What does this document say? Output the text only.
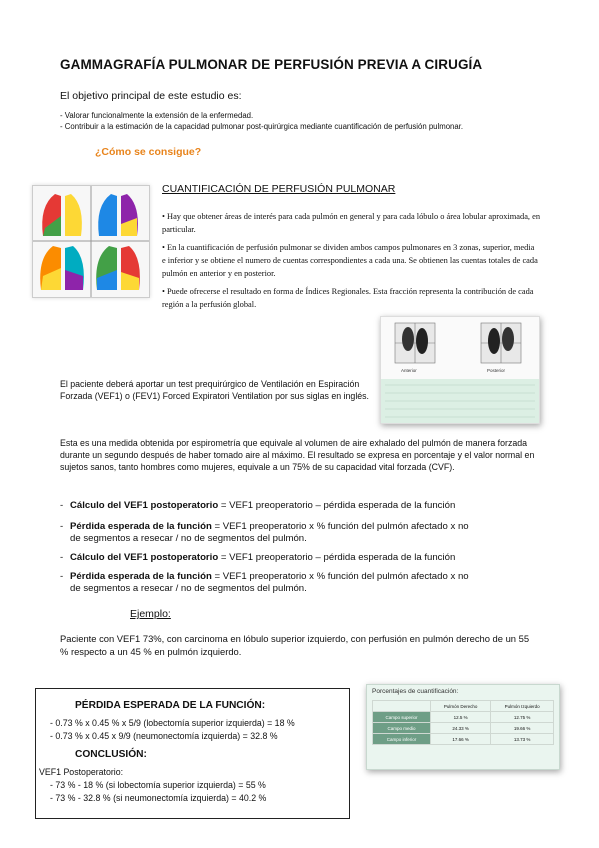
GAMMAGRAFÍA PULMONAR DE PERFUSIÓN PREVIA A CIRUGÍA
El objetivo principal de este estudio es:
- Valorar funcionalmente la extensión de la enfermedad.
- Contribuir a la estimación de la capacidad pulmonar post-quirúrgica mediante cuantificación de perfusión pulmonar.
¿Cómo se consigue?
CUANTIFICACIÓN DE PERFUSIÓN PULMONAR
• Hay que obtener áreas de interés para cada pulmón en general y para cada lóbulo o área lobular aproximada, en particular.
• En la cuantificación de perfusión pulmonar se dividen ambos campos pulmonares en 3 zonas, superior, media e inferior y se obtiene el numero de cuentas correspondientes a cada una. Se obtienen las cuentas totales de cada pulmón en anterior y en posterior.
• Puede ofrecerse el resultado en forma de Índices Regionales. Esta fracción representa la contribución de cada región a la perfusión global.
Anterior	Posterior
El paciente deberá aportar un test prequirúrgico de Ventilación en Espiración Forzada (VEF1) o (FEV1) Forced Expiratori Ventilation por sus siglas en inglés.
Esta es una medida obtenida por espirometría que equivale al volumen de aire exhalado del pulmón de manera forzada durante un segundo después de haber tomado aire al máximo. El resultado se expresa en porcentaje y el valor normal en sujetos sanos, tanto hombres como mujeres, equivale a un 75% de su capacidad vital forzada (CVF).
- Cálculo del VEF1 postoperatorio = VEF1 preoperatorio – pérdida esperada de la función
- Pérdida esperada de la función = VEF1 preoperatorio x % función del pulmón afectado x no
de segmentos a resecar / no de segmentos del pulmón.
- Cálculo del VEF1 postoperatorio = VEF1 preoperatorio – pérdida esperada de la función
- Pérdida esperada de la función = VEF1 preoperatorio x % función del pulmón afectado x no
de segmentos a resecar / no de segmentos del pulmón.
Ejemplo:
Paciente con VEF1 73%, con carcinoma en lóbulo superior izquierdo, con perfusión en pulmón derecho de un 55 % respecto a un 45 % en pulmón izquierdo.
PÉRDIDA ESPERADA DE LA FUNCIÓN:
- 0.73 % x 0.45 % x 5/9 (lobectomía superior izquierda) = 18 %
- 0.73 % x 0.45 x 9/9 (neumonectomía izquierda) = 32.8 %
CONCLUSIÓN:
VEF1 Postoperatorio:
- 73 % - 18 % (si lobectomía superior izquierda) = 55 %
- 73 % - 32.8 % (si neumonectomía izquierda) = 40.2 %
Porcentajes de cuantificación:
	Pulmón Derecho	Pulmón Izquierdo
Campo superior	12.5 %	12.75 %
Campo medio	24.33 %	19.66 %
Campo inferior	17.66 %	13.73 %
